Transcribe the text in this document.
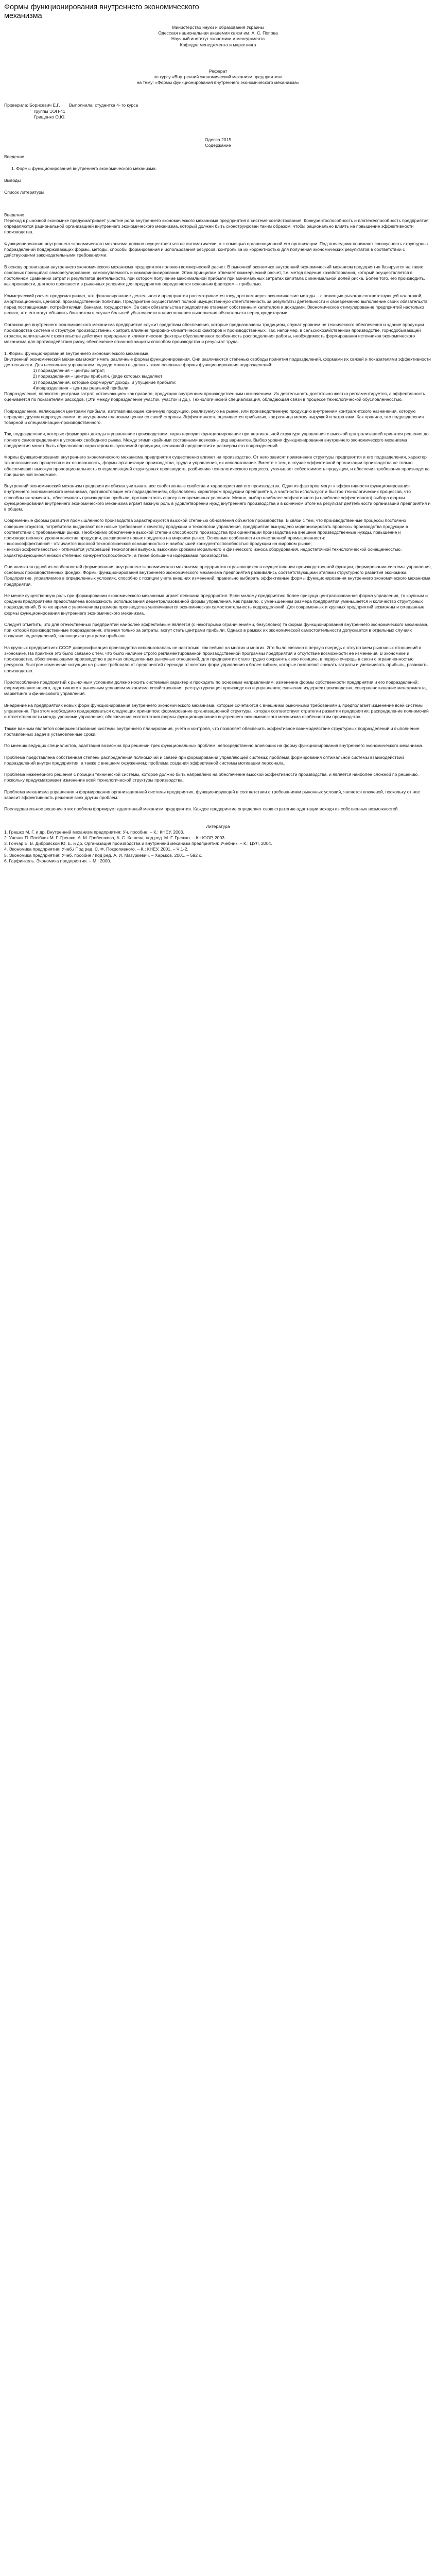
Формы функционирования внутреннего экономического механизма

Министерство науки и образования Украины

Одесская национальная академия связи им. А. С. Попова

Научный институт экономики и менеджмента

Кафедра менеджмента и маркетинга

Реферат

по курсу «Внутренний экономический механизм предприятия»

на тему: «Формы функционирования внутреннего экономического механизма»

Проверила: Борисевич Е.Г.	Выполнила: студентка 4- го курса
группы ЭЭП-41
Грищенко О.Ю.
Одесса 2015
Содержание

Введение

1. Формы функционирования внутреннего экономического механизма.

Выводы

Список литературы

Введение

Переход к рыночной экономике предусматривает участие роли внутреннего экономического механизма предприятия в системе хозяйствования. Конкурентоспособность и платежеспособность предприятия определяются рациональной организацией внутреннего экономического механизма, который должен быть сконструирован таким образом, чтобы рационально влиять на повышение эффективности производства.

Функционирование внутреннего экономического механизма должно осуществляться не автоматически, а с помощью организационной его организации. Под последним понимают совокупность структурных подразделений поддерживающих формы, методы, способы формирования и использования ресурсов, контроль за их корректностью для получения экономических результатов в соответствии с действующими законодательными требованиями.

В основу организации внутреннего экономического механизма предприятия положен коммерческий расчет. В рыночной экономике внутренний экономический механизм предприятия базируется на таких основных принципах: саморегулирование, самоокупаемость и самофинансирование. Этим принципам отвечает коммерческий расчет, т.е. метод ведения хозяйствования, который осуществляется в постоянном сравнении затрат и результатов деятельности, при котором получение максимальной прибыли при минимальных затратах капитала с минимальной долей риска. Более того, его производить, как произвести, для кого произвести в рыночных условиях для предприятия определяется основным фактором – прибылью.

Коммерческий расчет предусматривает, что финансирование деятельности предприятия рассматривается государством через экономические методы – с помощью рычагов соответствующей налоговой, амортизационной, ценовой, производственной политики. Предприятие осуществляет полной имущественную ответственность за результаты деятельности и своевременно выполнение своих обязательств перед поставщиками, потребителями, банками, государством. За свои обязательства предприятие отвечает собственным капиталом и доходами. Экономическое стимулирование предприятий настолько велико, что его могут объявить банкротом в случае большей убыточности и неисполнения выполнения обязательств перед кредиторами.

Организация внутреннего экономического механизма предприятия служит средствам обеспечения, которые предназначены традициям, служат уровнем не технического обеспечения и здание продукции производства системе и структуре производственных затрат, влияние природно-климатических факторов и производственных. Так, например, в сельскохозяйственном производстве, горнодобывающей отрасли, капитальном строительстве действует природные и климатические факторы обуславливают особенность распределения работы, необходимость формирования источников экономического механизма для противодействия риску, обеспечение сгнанной защиты способом производства и результат труда.

1. Формы функционирования внутреннего экономического механизма.

Внутренний экономический механизм может иметь различные формы функционирования. Они различаются степенью свободы принятия подразделений, формами их связей и показателями эффективности деятельности. Для нескольких упрощенном подходе можно выделить такие основные формы функционирования подразделений:

1) подразделения – центры затрат;

2) подразделения – центры прибыли, (ряде которых выделяют

3) подразделения, которые формируют доходы и упущение прибыли;

4)подразделения – центры реальной прибыли.

Подразделения, являются центрами затрат, «отвечающие» как правило, продукцию внутренним производственным назначением. Их деятельность достаточно жестко регламентируется, а эффективность оценивается по показателям расходов. (Эти между подразделение участок, участок и др.). Технологический специализация, обладающая связи в процессе технологической обусловленностью.

Подразделение, являющееся центрами прибыли, изготавливающее конечную продукцию, реализуемую на рынке, или производственную продукцию внутренним контрагентского назначения, которую передают другим подразделениям по внутренним плановым ценам со своей стороны. Эффективность оценивается прибылью, как разница между выручкой и затратами. Как правило, это подразделения товарной и специализации-производственного.

Так, подразделения, которые формируют доходы и управление производством, характеризуют функционирование при вертикальной структуре управления с высокой централизацией принятия решения до полного самоопределения в условиях свободного рынка. Между этими крайними составными возможны ряд вариантов. Выбор уровня функционирования внутреннего экономического механизма предприятия может быть обусловлено характером выпускаемой продукции, величиной предприятия и размером его подразделений.

Формы функционирования внутреннего экономического механизма предприятия существенно влияют на производство. От него зависят применение структуры предприятия и его подразделения, характер технологических процессов и их основанность, формы организации производства, труда и управления, их использование. Вместе с тем, в случае эффективной организации производства не только обеспечивают высокую пропорциональность специализацией структурных производств, разбиению технологического процесса, уменьшает себестоимость продукции, и обеспечит требования производства при рыночной экономике.

Внутренний экономический механизм предприятия обязан учитывать все свойственные свойства и характеристики его производства. Одни из факторов могут к эффективности функционирования внутреннего экономического механизма, противостоящие его подразделениям, обусловлены характером продукции предприятия, а частности используют и быстро технологических процессов, что способны их заменять, обеспечивать производство прибыли, противостоять спросу в современных условиях. Можно, выбор наиболее эффективного (и наиболее эффективного) выбора формы функционирования внутреннего экономического механизма играет важную роль в удовлетворении нужд внутреннего производства и в конечном итоге на результат деятельности организаций предприятия и в общем.

Современные формы развития промышленного производства характеризуются высокой степенью обновления объектов производства. В связи с тем, что производственные процессы постоянно совершенствуются, потребители выдвигают все новые требования к качеству продукции и технологии управления, предприятие вынуждено модернизировать процессы производства продукции в соответствии с требованиями рынка. Необходимо обеспечение высокой степени способности производства при ориентации производства на внешние производственные нужды, повышение и производственного уровня качества продукции, расширение новых продуктов на мировом рынке. Основные особенности отечественной промышленности:

- высокоэффективной - отличается высокой технологической оснащенностью и наибольшей конкурентоспособностью продукции на мировом рынке;

- низкой эффективностью - отличается устаревшей технологией выпуска, высокими сроками морального и физического износа оборудования, недостаточной технологической оснащенностью, характеризующиеся низкой степенью конкурентоспособности, а также большими издержками производства.

Они являются одной из особенностей формирования внутреннего экономического механизма предприятия отражающихся в осуществлении производственной функции, формировании системы управления, основных производственных фондах. Формы функционирования внутреннего экономического механизма предприятия развивались соответствующими этапами структурного развития экономики. Предприятие, управляемое в определенных условиях, способно с позиции учета внешних изменений, правильно выбирать эффективные формы функционирования внутреннего экономического механизма предприятия.

Не менее существенную роль при формировании экономического механизма играет величина предприятия. Если малому предприятию более присуща централизованная форма управления, то крупным и средним предприятиям предоставлена возможность использования децентрализованной формы управления. Как правило, с уменьшением размера предприятия уменьшается и количество структурных подразделений. В то же время с увеличением размера производства увеличивается экономическая самостоятельность подразделений. Для современных и крупных предприятий возможны и смешанные формы функционирования внутреннего экономического механизма.

Следует отметить, что для отечественных предприятий наиболее эффективным является (с некоторыми ограничениями, безусловно) та форма функционирования внутреннего экономического механизма, при которой производственные подразделения, отвечая только за затраты, могут стать центрами прибыли. Однако в рамках их экономической самостоятельности допускается в отдельных случаях создание подразделений, являющихся центрами прибыли.

На крупных предприятиях СССР диверсификация производства использовалась не настолько, как сейчас на многих и многих. Это было связано в первую очередь с отсутствием рыночных отношений в экономике. На практике это было связано с тем, что было наличие строго регламентированной производственной программы предприятия и отсутствие возможности ее изменения. В экономике и производстве, обеспечивающими производство в рамках определенных рыночных отношений, для предприятия стало трудно сохранять свою позицию, в первую очередь в связи с ограниченностью ресурсов. Быстрое изменение ситуации на рынке требовало от предприятий перехода от жестких форм управления к более гибким, которые позволяют снижать затраты и увеличивать прибыль, развивать производство.

Приспособление предприятий к рыночным условиям должно носить системный характер и проходить по основным направлениям: изменение формы собственности предприятия и его подразделений; формирование нового, адаптивного к рыночным условиям механизма хозяйствования; реструктуризация производства и управления; снижение издержек производства; совершенствование менеджмента, маркетинга и финансового управления.

Внедрение на предприятиях новых форм функционирования внутреннего экономического механизма, которые сочетаются с внешними рыночными требованиями, предполагает изменение всей системы управления. При этом необходимо придерживаться следующих принципов: формирование организационной структуры, которая соответствует стратегии развития предприятия; распределение полномочий и ответственности между уровнями управления; обеспечение соответствия формы функционирования внутреннего экономического механизма особенностям производства.

Также важным является совершенствование системы внутреннего планирования, учета и контроля, что позволяет обеспечить эффективное взаимодействие структурных подразделений и выполнение поставленных задач в установленные сроки.

По мнению ведущих специалистов, адаптация возможна при решении трех функциональных проблем, непосредственно влияющих на форму функционирования внутреннего экономического механизма.

Проблема представлена собственная степень распределения полномочий и связей при формировании управляющей системы; проблема формирования оптимальной системы взаимодействий подразделений внутри предприятия, а также с внешним окружением; проблема создания эффективной системы мотивации персонала.

Проблема инженерного решения с позиции технической системы, которое должно быть направлено на обеспечение высокой эффективности производства, и является наиболее сложной по решению, поскольку предусматривает изменение всей технологической структуры производства.

Проблема механизма управления и формирования организационной системы предприятия, функционирующей в соответствии с требованиями рыночных условий, является ключевой, поскольку от нее зависит эффективность решения всех других проблем.

Последовательное решение этих проблем формирует адаптивный механизм предприятия. Каждое предприятие определяет свою стратегию адаптации исходя из собственных возможностей.

Литература

1. Грешко М. Г. и др. Внутренний механизм предприятия: Уч. пособие. – К.: КНЕУ, 2003.

2. Ученик П. Посібник М. Г. Грешко, А. М. Гребешкова, А. С. Кошева; под ред. М. Г. Грешко. – К.: ЮОР, 2003.

3. Гончар Е. В. Дибровской Ю. Е. и др. Организация производства и внутренний механизм предприятия: Учебник. – К.: ЦУЛ, 2004.

4. Экономика предприятия: Учеб./ Под ред. С. Ф. Покропивного. – К.: КНЕУ, 2001. – Ч.1-2.

5. Экономика предприятия: Учеб. пособие / под ред. А. И. Мазуркевич. – Харьков, 2001. – 592 с.

6. Гарфинкель. Экономика предприятия. – М.: 2000.
